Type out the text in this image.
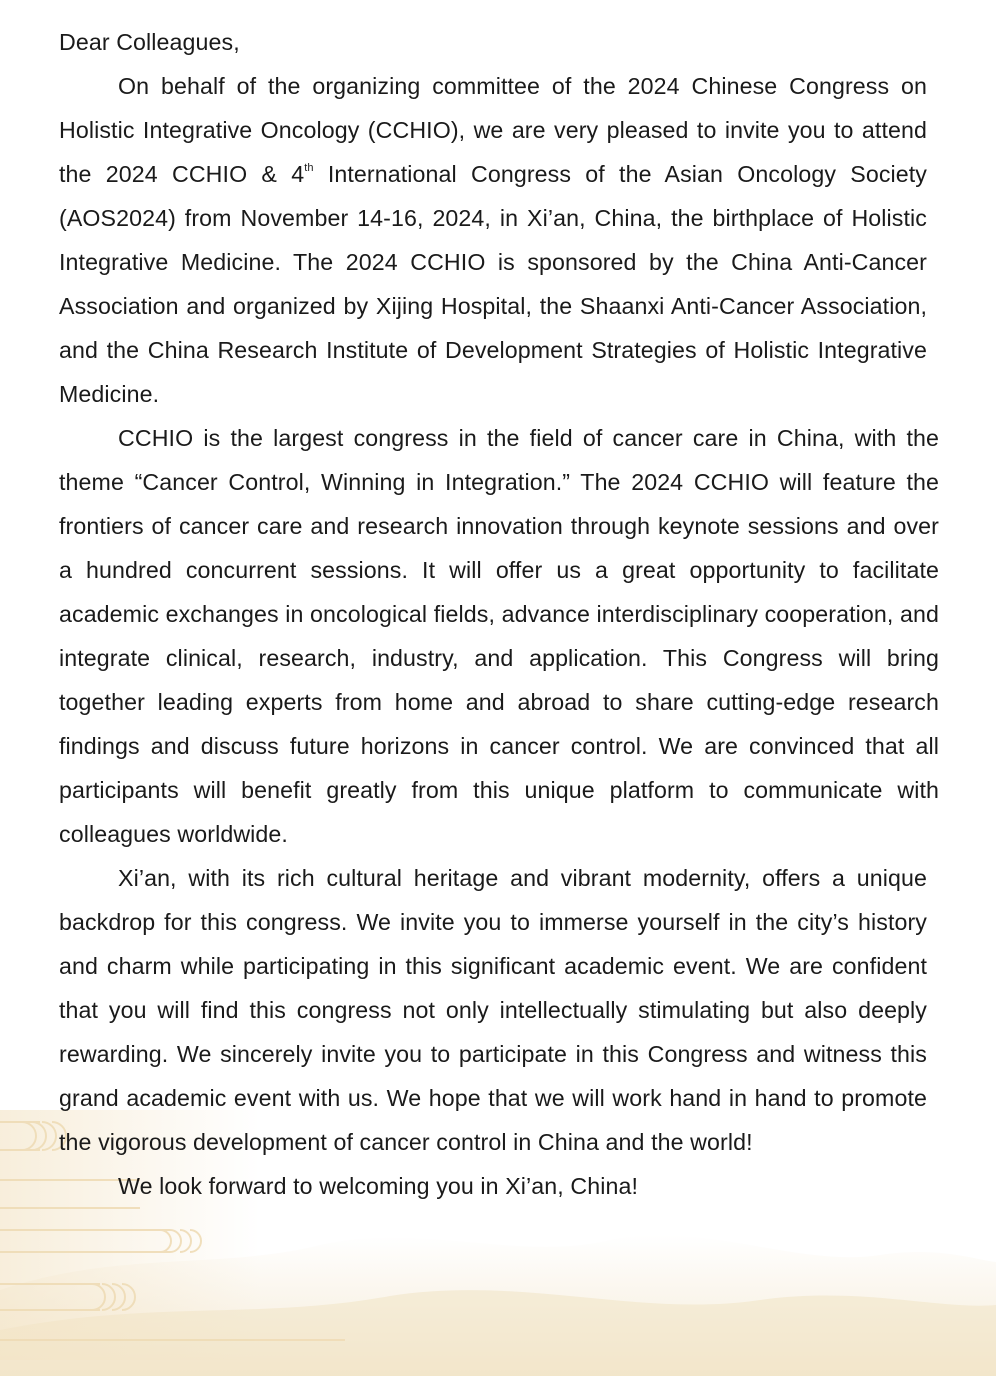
Dear Colleagues,

On behalf of the organizing committee of the 2024 Chinese Congress on Holistic Integrative Oncology (CCHIO), we are very pleased to invite you to attend the 2024 CCHIO & 4th International Congress of the Asian Oncology Society (AOS2024) from November 14-16, 2024, in Xi’an, China, the birthplace of Holistic Integrative Medicine. The 2024 CCHIO is sponsored by the China Anti-Cancer Association and organized by Xijing Hospital, the Shaanxi Anti-Cancer Association, and the China Research Institute of Development Strategies of Holistic Integrative Medicine.

CCHIO is the largest congress in the field of cancer care in China, with the theme “Cancer Control, Winning in Integration.” The 2024 CCHIO will feature the frontiers of cancer care and research innovation through keynote sessions and over a hundred concurrent sessions. It will offer us a great opportunity to facilitate academic exchanges in oncological fields, advance interdisciplinary cooperation, and integrate clinical, research, industry, and application. This Congress will bring together leading experts from home and abroad to share cutting-edge research findings and discuss future horizons in cancer control. We are convinced that all participants will benefit greatly from this unique platform to communicate with colleagues worldwide.

Xi’an, with its rich cultural heritage and vibrant modernity, offers a unique backdrop for this congress. We invite you to immerse yourself in the city’s history and charm while participating in this significant academic event. We are confident that you will find this congress not only intellectually stimulating but also deeply rewarding. We sincerely invite you to participate in this Congress and witness this grand academic event with us. We hope that we will work hand in hand to promote the vigorous development of cancer control in China and the world!

We look forward to welcoming you in Xi’an, China!
